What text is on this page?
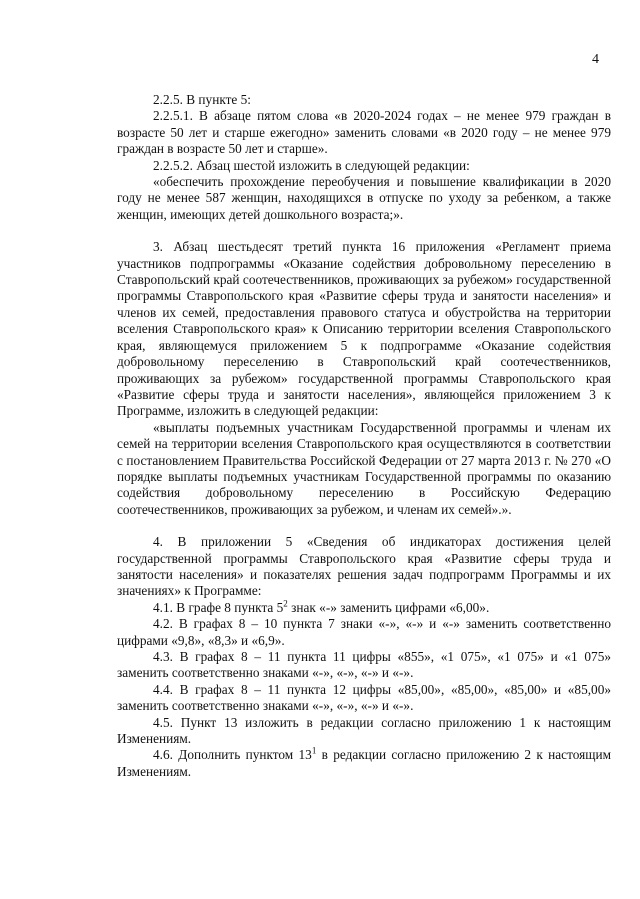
4

2.2.5. В пункте 5:

2.2.5.1. В абзаце пятом слова «в 2020-2024 годах – не менее 979 граждан в возрасте 50 лет и старше ежегодно» заменить словами «в 2020 году – не менее 979 граждан в возрасте 50 лет и старше».

2.2.5.2. Абзац шестой изложить в следующей редакции:

«обеспечить прохождение переобучения и повышение квалификации в 2020 году не менее 587 женщин, находящихся в отпуске по уходу за ребенком, а также женщин, имеющих детей дошкольного возраста;».

3. Абзац шестьдесят третий пункта 16 приложения «Регламент приема участников подпрограммы «Оказание содействия добровольному переселению в Ставропольский край соотечественников, проживающих за рубежом» государственной программы Ставропольского края «Развитие сферы труда и занятости населения» и членов их семей, предоставления правового статуса и обустройства на территории вселения Ставропольского края» к Описанию территории вселения Ставропольского края, являющемуся приложением 5 к подпрограмме «Оказание содействия добровольному переселению в Ставропольский край соотечественников, проживающих за рубежом» государственной программы Ставропольского края «Развитие сферы труда и занятости населения», являющейся приложением 3 к Программе, изложить в следующей редакции:

«выплаты подъемных участникам Государственной программы и членам их семей на территории вселения Ставропольского края осуществляются в соответствии с постановлением Правительства Российской Федерации от 27 марта 2013 г. № 270 «О порядке выплаты подъемных участникам Государственной программы по оказанию содействия добровольному переселению в Российскую Федерацию соотечественников, проживающих за рубежом, и членам их семей».».

4. В приложении 5 «Сведения об индикаторах достижения целей государственной программы Ставропольского края «Развитие сферы труда и занятости населения» и показателях решения задач подпрограмм Программы и их значениях» к Программе:

4.1. В графе 8 пункта $5^2$ знак «-» заменить цифрами «6,00».

4.2. В графах 8 – 10 пункта 7 знаки «-», «-» и «-» заменить соответственно цифрами «9,8», «8,3» и «6,9».

4.3. В графах 8 – 11 пункта 11 цифры «855», «1 075», «1 075» и «1 075» заменить соответственно знаками «-», «-», «-» и «-».

4.4. В графах 8 – 11 пункта 12 цифры «85,00», «85,00», «85,00» и «85,00» заменить соответственно знаками «-», «-», «-» и «-».

4.5. Пункт 13 изложить в редакции согласно приложению 1 к настоящим Изменениям.

4.6. Дополнить пунктом $13^1$ в редакции согласно приложению 2 к настоящим Изменениям.
